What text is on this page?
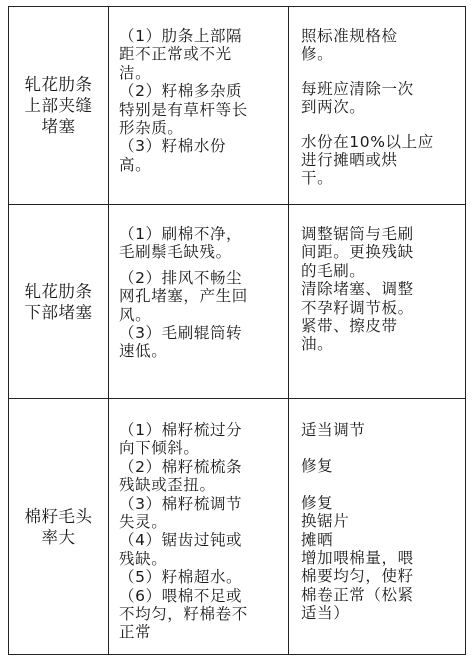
轧花肋条
上部夹缝
堵塞
（1）肋条上部隔
距不正常或不光
洁。
（2）籽棉多杂质
特别是有草杆等长
形杂质。
（3）籽棉水份
高。
照标准规格检
修。
每班应清除一次
到两次。
水份在10%以上应
进行摊晒或烘
干。
轧花肋条
下部堵塞
（1）刷棉不净，
毛刷鬃毛缺残。
（2）排风不畅尘
网孔堵塞，产生回
风。
（3）毛刷辊筒转
速低。
调整锯筒与毛刷
间距。更换残缺
的毛刷。
清除堵塞、调整
不孕籽调节板。
紧带、擦皮带
油。
棉籽毛头
率大
（1）棉籽梳过分
向下倾斜。
（2）棉籽梳梳条
残缺或歪扭。
（3）棉籽梳调节
失灵。
（4）锯齿过钝或
残缺。
（5）籽棉超水。
（6）喂棉不足或
不均匀，籽棉卷不
正常
适当调节
修复
修复
换锯片
摊晒
增加喂棉量，喂
棉要均匀，使籽
棉卷正常（松紧
适当）
